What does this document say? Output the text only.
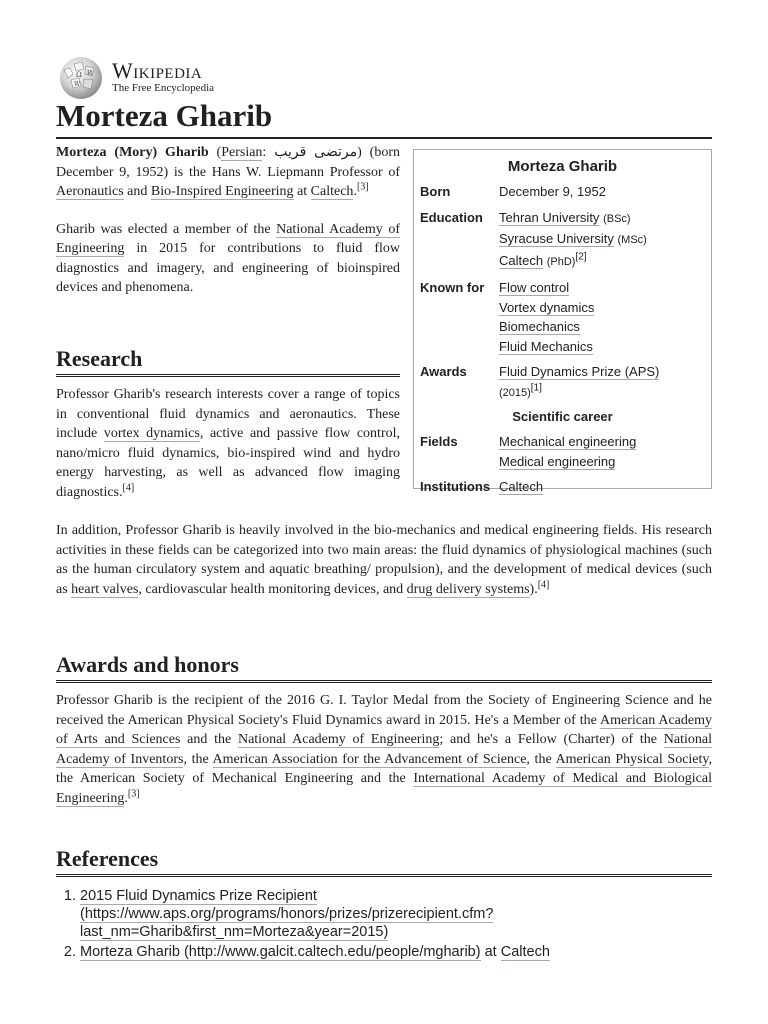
Ω И
W
Wikipedia
The Free Encyclopedia
Morteza Gharib

Morteza (Mory) Gharib (Persian: مرتضی قریب) (born December 9, 1952) is the Hans W. Liepmann Professor of Aeronautics and Bio-Inspired Engineering at Caltech.[3]

Gharib was elected a member of the National Academy of Engineering in 2015 for contributions to fluid flow diagnostics and imagery, and engineering of bioinspired devices and phenomena.

Morteza Gharib
Born	December 9, 1952
Education	Tehran University (BSc)
Syracuse University (MSc)
Caltech (PhD)[2]
Known for	Flow control
Vortex dynamics
Biomechanics
Fluid Mechanics
Awards	Fluid Dynamics Prize (APS)
(2015)[1]
Scientific career
Fields	Mechanical engineering
Medical engineering
Institutions Caltech
Research

Professor Gharib's research interests cover a range of topics in conventional fluid dynamics and aeronautics. These include vortex dynamics, active and passive flow control, nano/micro fluid dynamics, bio-inspired wind and hydro energy harvesting, as well as advanced flow imaging diagnostics.[4]

In addition, Professor Gharib is heavily involved in the bio-mechanics and medical engineering fields. His research activities in these fields can be categorized into two main areas: the fluid dynamics of physiological machines (such as the human circulatory system and aquatic breathing/ propulsion), and the development of medical devices (such as heart valves, cardiovascular health monitoring devices, and drug delivery systems).[4]

Awards and honors

Professor Gharib is the recipient of the 2016 G. I. Taylor Medal from the Society of Engineering Science and he received the American Physical Society's Fluid Dynamics award in 2015. He's a Member of the American Academy of Arts and Sciences and the National Academy of Engineering; and he's a Fellow (Charter) of the National Academy of Inventors, the American Association for the Advancement of Science, the American Physical Society, the American Society of Mechanical Engineering and the International Academy of Medical and Biological Engineering.[3]

References
1. 2015 Fluid Dynamics Prize Recipient (https://www.aps.org/programs/honors/prizes/prizerecipient.cfm?last_nm=Gharib&first_nm=Morteza&year=2015)
2. Morteza Gharib (http://www.galcit.caltech.edu/people/mgharib) at Caltech
